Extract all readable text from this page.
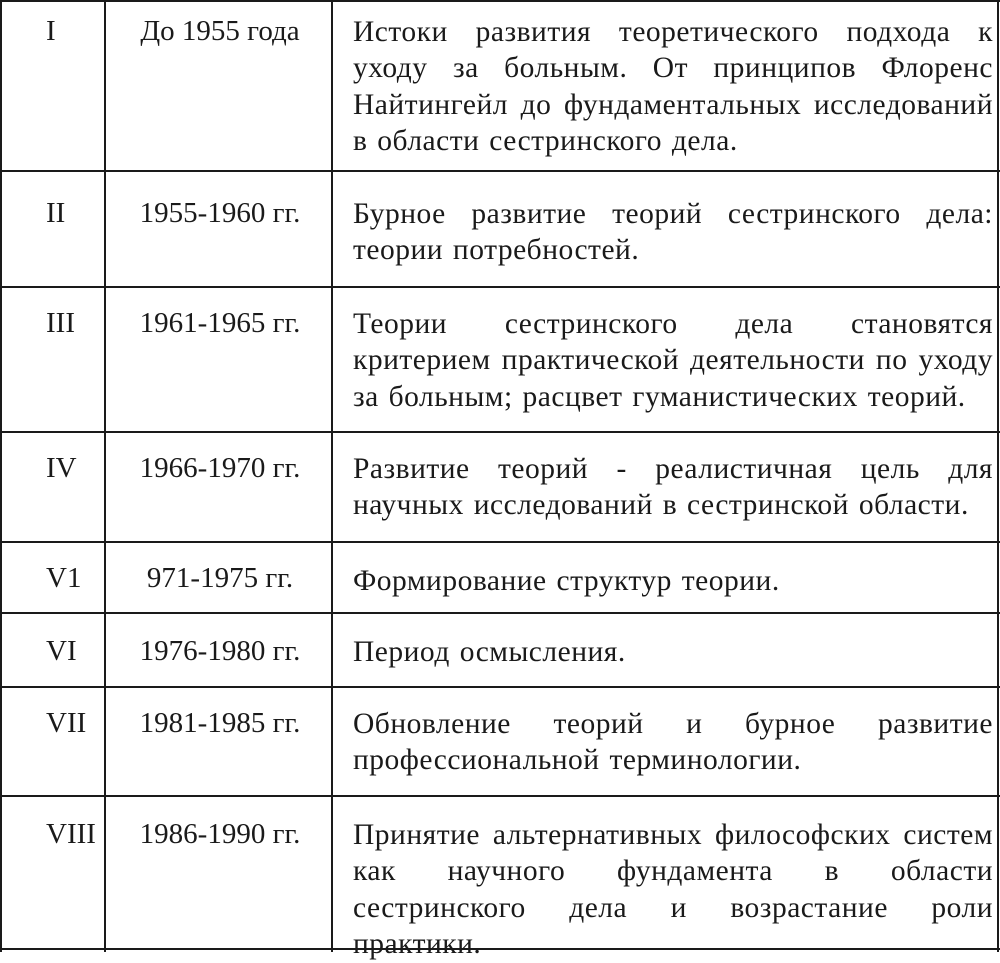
I	До 1955 года	Истоки развития теоретического подхода к уходу за больным. От принципов Флоренс Найтингейл до фундаментальных исследований в области сестринского дела.
II	1955-1960 гг.	Бурное развитие теорий сестринского дела: теории потребностей.
III	1961-1965 гг.	Теории сестринского дела становятся критерием практической деятельности по уходу за больным; расцвет гуманистических теорий.
IV	1966-1970 гг.	Развитие теорий - реалистичная цель для научных исследований в сестринской области.
V1	971-1975 гг.	Формирование структур теории.
VI	1976-1980 гг.	Период осмысления.
VII	1981-1985 гг.	Обновление теорий и бурное развитие профессиональной терминологии.
VIII	1986-1990 гг.	Принятие альтернативных философских систем как научного фундамента в области сестринского дела и возрастание роли практики.
